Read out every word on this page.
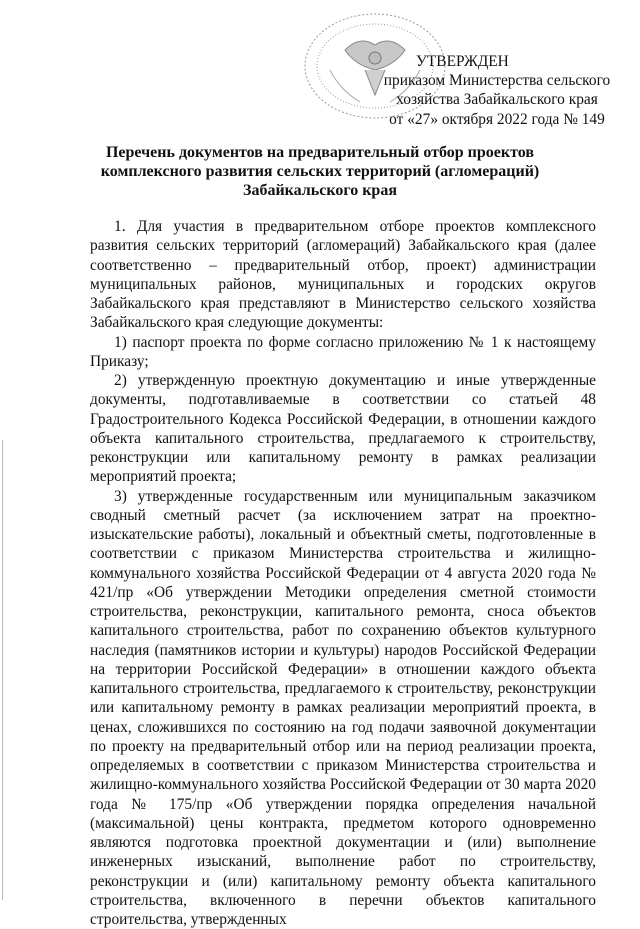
УТВЕРЖДЕН
приказом Министерства сельского
хозяйства Забайкальского края
от «27» октября 2022 года № 149
Перечень документов на предварительный отбор проектов
комплексного развития сельских территорий (агломераций)
Забайкальского края

1. Для участия в предварительном отборе проектов комплексного развития сельских территорий (агломераций) Забайкальского края (далее соответственно – предварительный отбор, проект) администрации муниципальных районов, муниципальных и городских округов Забайкальского края представляют в Министерство сельского хозяйства Забайкальского края следующие документы:

1) паспорт проекта по форме согласно приложению № 1 к настоящему Приказу;

2) утвержденную проектную документацию и иные утвержденные документы, подготавливаемые в соответствии со статьей 48 Градостроительного Кодекса Российской Федерации, в отношении каждого объекта капитального строительства, предлагаемого к строительству, реконструкции или капитальному ремонту в рамках реализации мероприятий проекта;

3) утвержденные государственным или муниципальным заказчиком сводный сметный расчет (за исключением затрат на проектно-изыскательские работы), локальный и объектный сметы, подготовленные в соответствии с приказом Министерства строительства и жилищно-коммунального хозяйства Российской Федерации от 4 августа 2020 года № 421/пр «Об утверждении Методики определения сметной стоимости строительства, реконструкции, капитального ремонта, сноса объектов капитального строительства, работ по сохранению объектов культурного наследия (памятников истории и культуры) народов Российской Федерации на территории Российской Федерации» в отношении каждого объекта капитального строительства, предлагаемого к строительству, реконструкции или капитальному ремонту в рамках реализации мероприятий проекта, в ценах, сложившихся по состоянию на год подачи заявочной документации по проекту на предварительный отбор или на период реализации проекта, определяемых в соответствии с приказом Министерства строительства и жилищно-коммунального хозяйства Российской Федерации от 30 марта 2020 года № 175/пр «Об утверждении порядка определения начальной (максимальной) цены контракта, предметом которого одновременно являются подготовка проектной документации и (или) выполнение инженерных изысканий, выполнение работ по строительству, реконструкции и (или) капитальному ремонту объекта капитального строительства, включенного в перечни объектов капитального строительства, утвержденных
